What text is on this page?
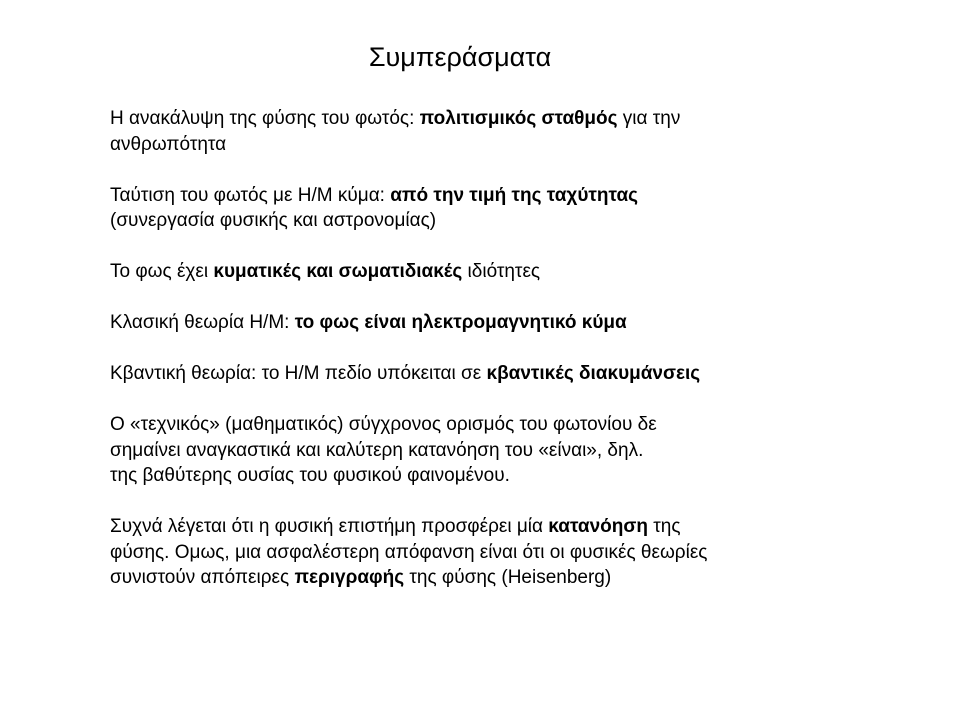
Συμπεράσματα

Η ανακάλυψη της φύσης του φωτός: πολιτισμικός σταθμός για την
ανθρωπότητα

Ταύτιση του φωτός με Η/Μ κύμα: από την τιμή της ταχύτητας
(συνεργασία φυσικής και αστρονομίας)

Το φως έχει κυματικές και σωματιδιακές ιδιότητες

Κλασική θεωρία Η/Μ: το φως είναι ηλεκτρομαγνητικό κύμα

Κβαντική θεωρία: το Η/Μ πεδίο υπόκειται σε κβαντικές διακυμάνσεις

Ο «τεχνικός» (μαθηματικός) σύγχρονος ορισμός του φωτονίου δε
σημαίνει αναγκαστικά και καλύτερη κατανόηση του «είναι», δηλ.
της βαθύτερης ουσίας του φυσικού φαινομένου.

Συχνά λέγεται ότι η φυσική επιστήμη προσφέρει μία κατανόηση της
φύσης. Ομως, μια ασφαλέστερη απόφανση είναι ότι οι φυσικές θεωρίες
συνιστούν απόπειρες περιγραφής της φύσης (Heisenberg)
